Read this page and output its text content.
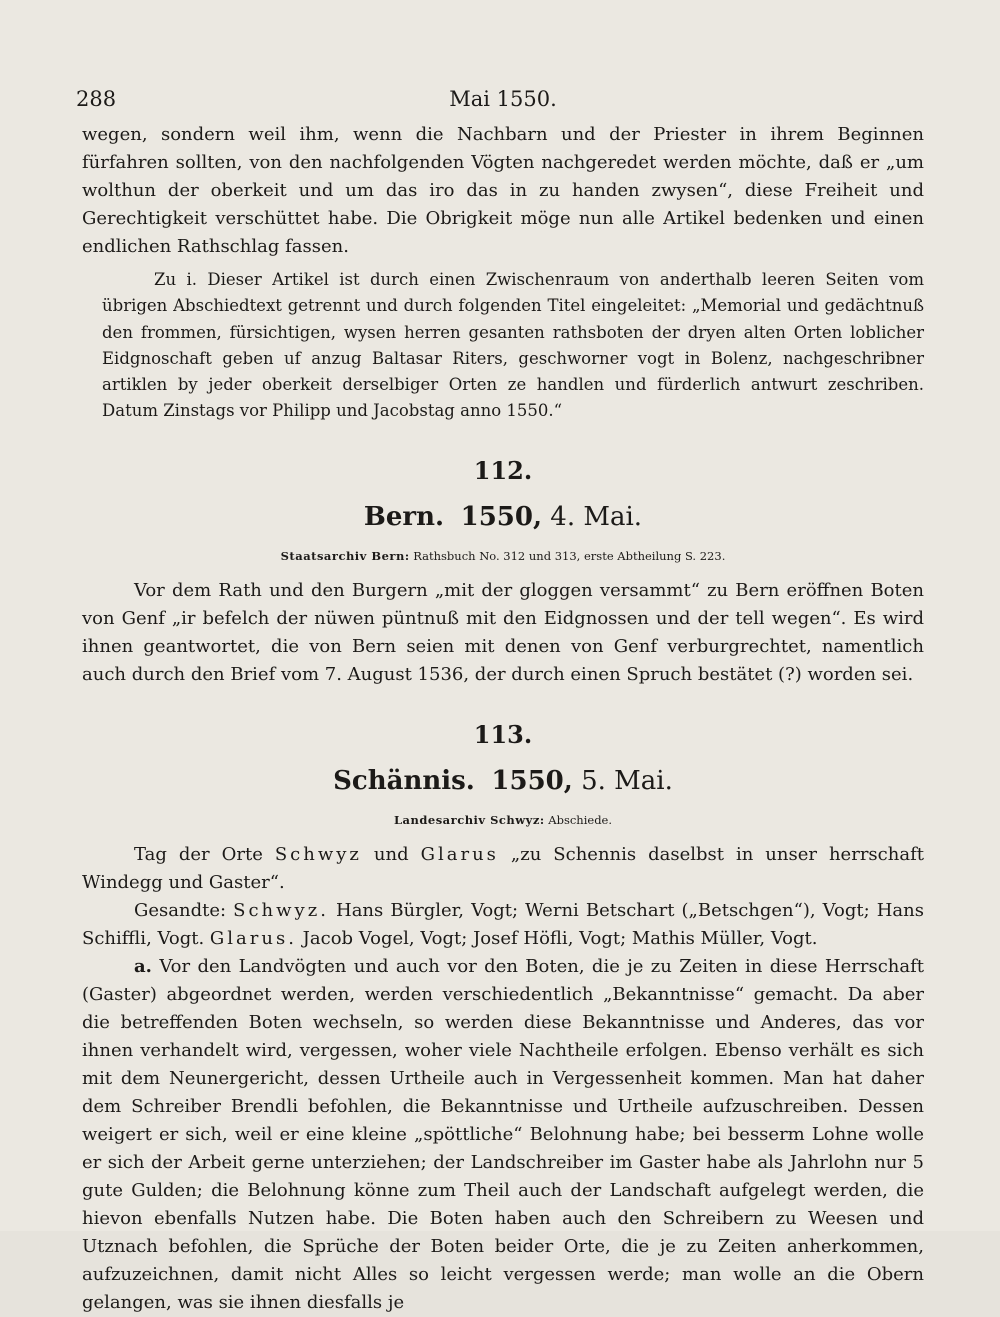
288	Mai 1550.

wegen, sondern weil ihm, wenn die Nachbarn und der Priester in ihrem Beginnen fürfahren sollten, von den nachfolgenden Vögten nachgeredet werden möchte, daß er „um wolthun der oberkeit und um das iro das in zu handen zwysen“, diese Freiheit und Gerechtigkeit verschüttet habe. Die Obrigkeit möge nun alle Artikel bedenken und einen endlichen Rathschlag fassen.

Zu i. Dieser Artikel ist durch einen Zwischenraum von anderthalb leeren Seiten vom übrigen Abschiedtext getrennt und durch folgenden Titel eingeleitet: „Memorial und gedächtnuß den frommen, fürsichtigen, wysen herren gesanten rathsboten der dryen alten Orten loblicher Eidgnoschaft geben uf anzug Baltasar Riters, geschworner vogt in Bolenz, nachgeschribner artiklen by jeder oberkeit derselbiger Orten ze handlen und fürderlich antwurt zeschriben. Datum Zinstags vor Philipp und Jacobstag anno 1550.“

112.
Bern. 1550, 4. Mai.
Staatsarchiv Bern: Rathsbuch No. 312 und 313, erste Abtheilung S. 223.

Vor dem Rath und den Burgern „mit der gloggen versammt“ zu Bern eröffnen Boten von Genf „ir befelch der nüwen püntnuß mit den Eidgnossen und der tell wegen“. Es wird ihnen geantwortet, die von Bern seien mit denen von Genf verburgrechtet, namentlich auch durch den Brief vom 7. August 1536, der durch einen Spruch bestätet (?) worden sei.

113.
Schännis. 1550, 5. Mai.
Landesarchiv Schwyz: Abschiede.

Tag der Orte Schwyz und Glarus „zu Schennis daselbst in unser herrschaft Windegg und Gaster“.

Gesandte: Schwyz. Hans Bürgler, Vogt; Werni Betschart („Betschgen“), Vogt; Hans Schiffli, Vogt. Glarus. Jacob Vogel, Vogt; Josef Höfli, Vogt; Mathis Müller, Vogt.

a. Vor den Landvögten und auch vor den Boten, die je zu Zeiten in diese Herrschaft (Gaster) abgeordnet werden, werden verschiedentlich „Bekanntnisse“ gemacht. Da aber die betreffenden Boten wechseln, so werden diese Bekanntnisse und Anderes, das vor ihnen verhandelt wird, vergessen, woher viele Nachtheile erfolgen. Ebenso verhält es sich mit dem Neunergericht, dessen Urtheile auch in Vergessenheit kommen. Man hat daher dem Schreiber Brendli befohlen, die Bekanntnisse und Urtheile aufzuschreiben. Dessen weigert er sich, weil er eine kleine „spöttliche“ Belohnung habe; bei besserm Lohne wolle er sich der Arbeit gerne unterziehen; der Landschreiber im Gaster habe als Jahrlohn nur 5 gute Gulden; die Belohnung könne zum Theil auch der Landschaft aufgelegt werden, die hievon ebenfalls Nutzen habe. Die Boten haben auch den Schreibern zu Weesen und Utznach befohlen, die Sprüche der Boten beider Orte, die je zu Zeiten anherkommen, aufzuzeichnen, damit nicht Alles so leicht vergessen werde; man wolle an die Obern gelangen, was sie ihnen diesfalls je
